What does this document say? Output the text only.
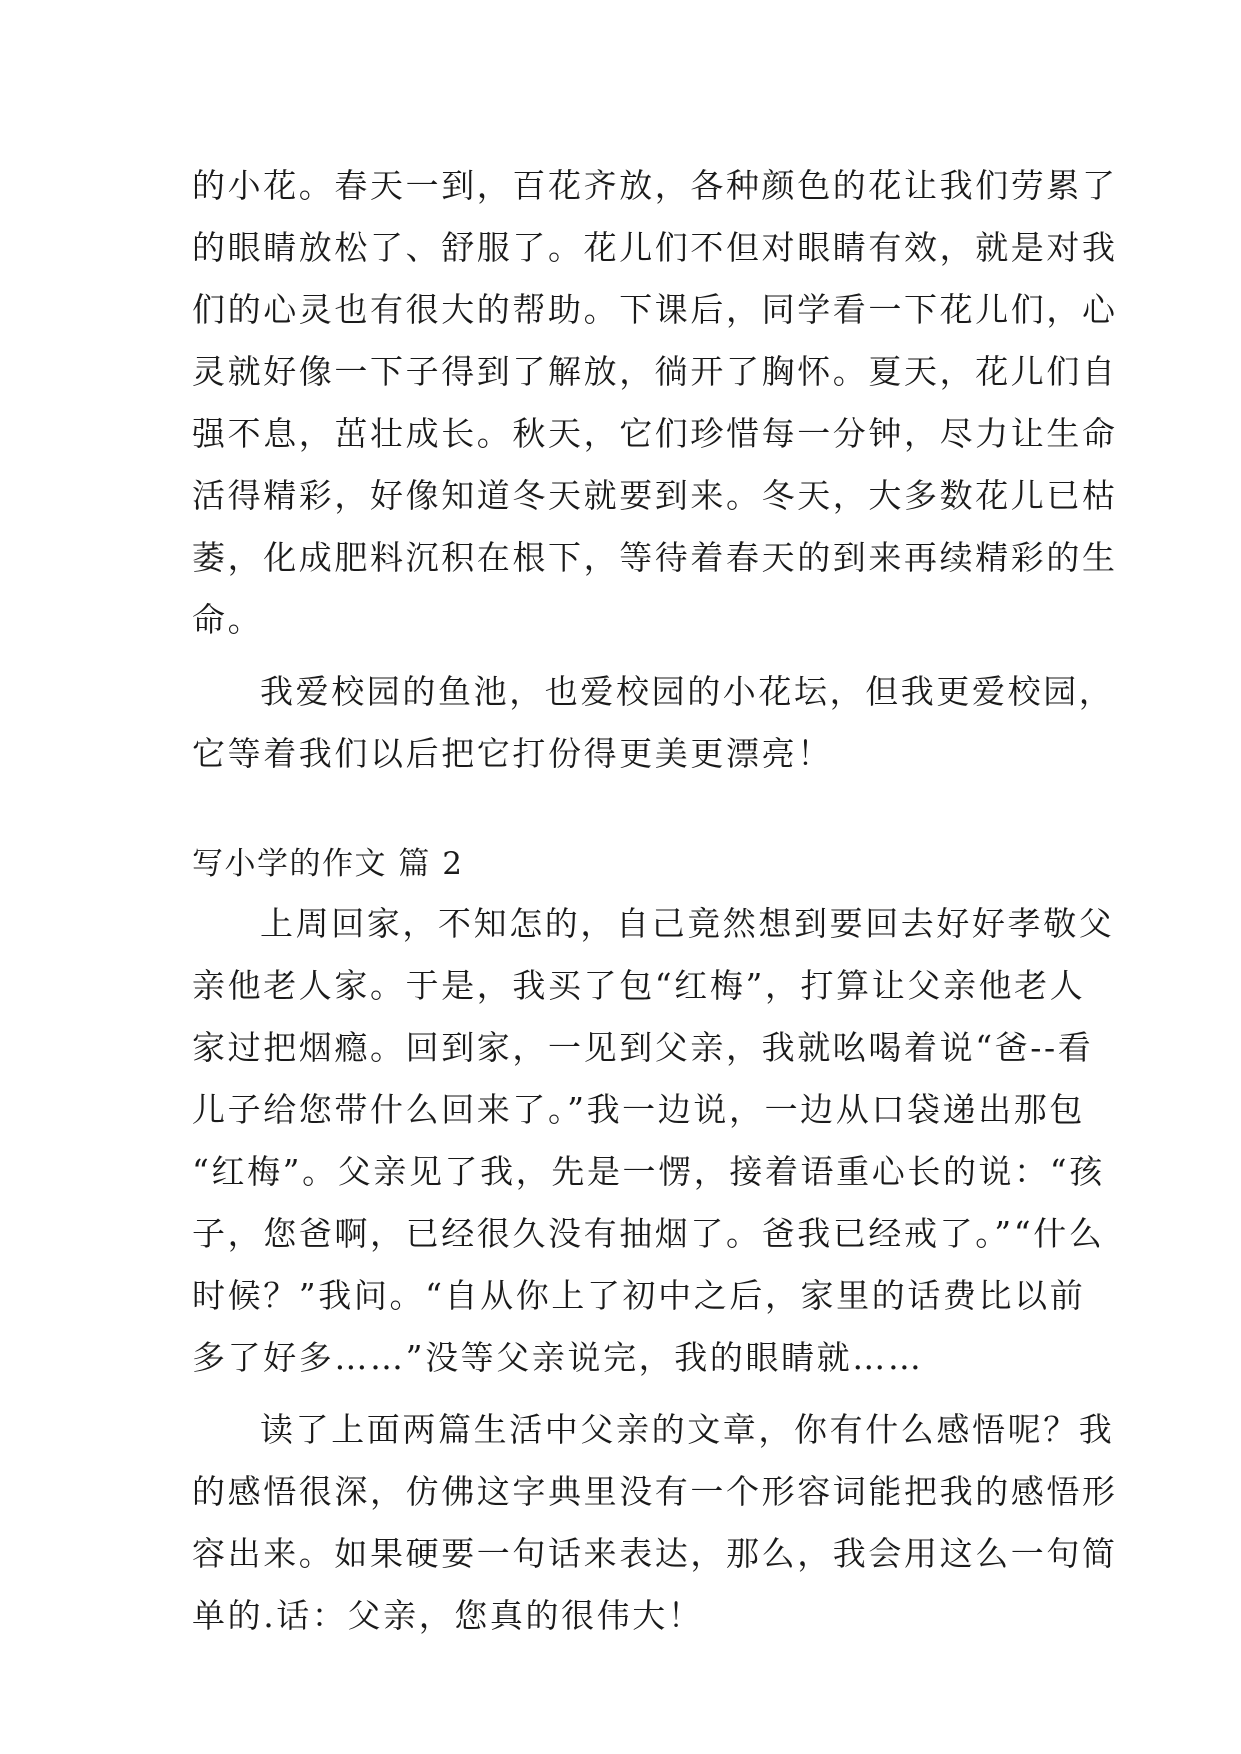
的小花。春天一到，百花齐放，各种颜色的花让我们劳累了
的眼睛放松了、舒服了。花儿们不但对眼睛有效，就是对我
们的心灵也有很大的帮助。下课后，同学看一下花儿们，心
灵就好像一下子得到了解放，徜开了胸怀。夏天，花儿们自
强不息，茁壮成长。秋天，它们珍惜每一分钟，尽力让生命
活得精彩，好像知道冬天就要到来。冬天，大多数花儿已枯
萎，化成肥料沉积在根下，等待着春天的到来再续精彩的生
命。
我爱校园的鱼池，也爱校园的小花坛，但我更爱校园，
它等着我们以后把它打份得更美更漂亮！
写小学的作文 篇 2
上周回家，不知怎的，自己竟然想到要回去好好孝敬父
亲他老人家。于是，我买了包“红梅”，打算让父亲他老人
家过把烟瘾。回到家，一见到父亲，我就吆喝着说“爸--看
儿子给您带什么回来了。”我一边说，一边从口袋递出那包
“红梅”。父亲见了我，先是一愣，接着语重心长的说：“孩
子，您爸啊，已经很久没有抽烟了。爸我已经戒了。”“什么
时候？”我问。“自从你上了初中之后，家里的话费比以前
多了好多……”没等父亲说完，我的眼睛就……
读了上面两篇生活中父亲的文章，你有什么感悟呢？我
的感悟很深，仿佛这字典里没有一个形容词能把我的感悟形
容出来。如果硬要一句话来表达，那么，我会用这么一句简
单的.话：父亲，您真的很伟大！
